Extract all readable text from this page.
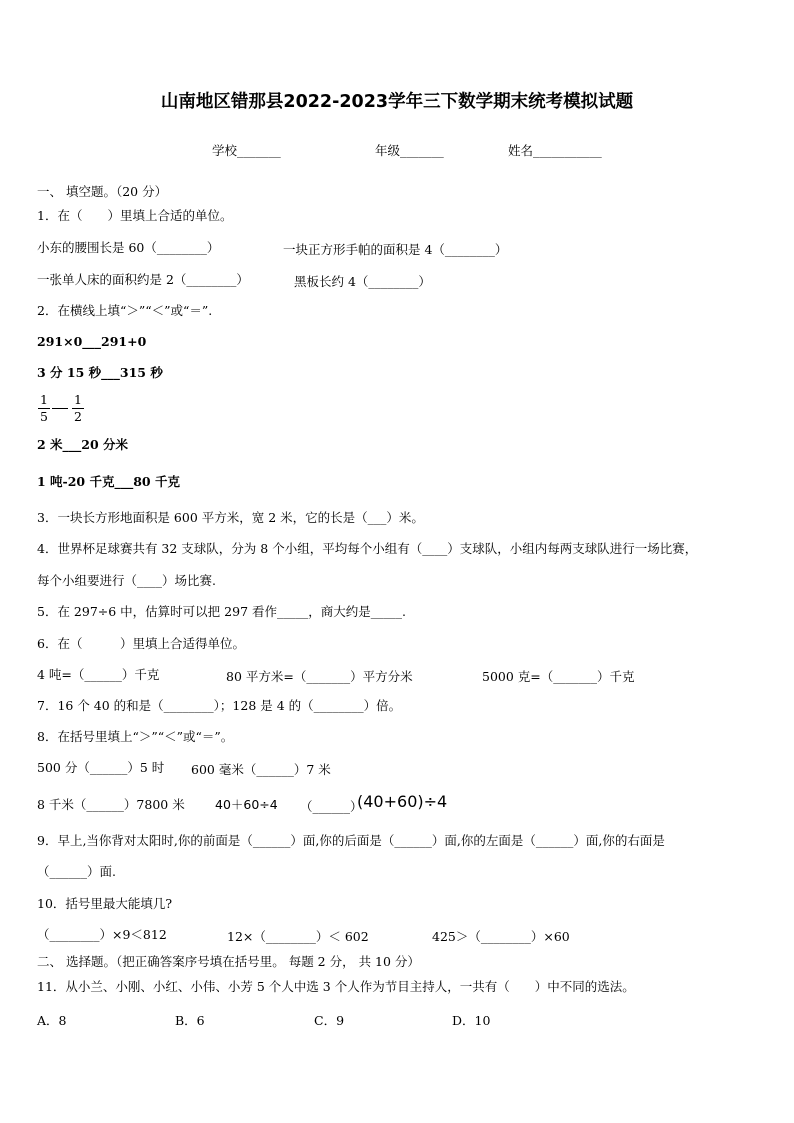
山南地区错那县2022-2023学年三下数学期末统考模拟试题
学校_______	年级_______	姓名___________
一、 填空题。（20 分）
1．在（　　）里填上合适的单位。
小东的腰围长是 60（________）	一块正方形手帕的面积是 4（________）
一张单人床的面积约是 2（________）	黑板长约 4（________）
2．在横线上填“＞”“＜”或“＝”.
291×0___291+0
3 分 15 秒___315 秒
$\frac{1}{5} \frac{1}{2}$
2 米___20 分米
1 吨-20 千克___80 千克
3．一块长方形地面积是 600 平方米，宽 2 米，它的长是（___）米。
4．世界杯足球赛共有 32 支球队，分为 8 个小组，平均每个小组有（____）支球队，小组内每两支球队进行一场比赛，
每个小组要进行（____）场比赛.
5．在 297÷6 中，估算时可以把 297 看作_____，商大约是_____.
6．在（　　　）里填上合适得单位。
4 吨=（______）千克	80 平方米=（_______）平方分米	5000 克=（_______）千克
7．16 个 40 的和是（________）；128 是 4 的（________）倍。
8．在括号里填上“＞”“＜”或“＝”。
500 分（______）5 时 600 毫米（______）7 米
8 千米（______）7800 米 40＋60÷4 （______）
(40+60)÷4
9．早上,当你背对太阳时,你的前面是（______）面,你的后面是（______）面,你的左面是（______）面,你的右面是
（______）面.
10．括号里最大能填几?
（________）×9＜812	12×（________）＜ 602	425＞（________）×60
二、 选择题。（把正确答案序号填在括号里。 每题 2 分， 共 10 分）
11．从小兰、小刚、小红、小伟、小芳 5 个人中选 3 个人作为节目主持人，一共有（　　）中不同的选法。
A．8	B．6	C．9	D．10
